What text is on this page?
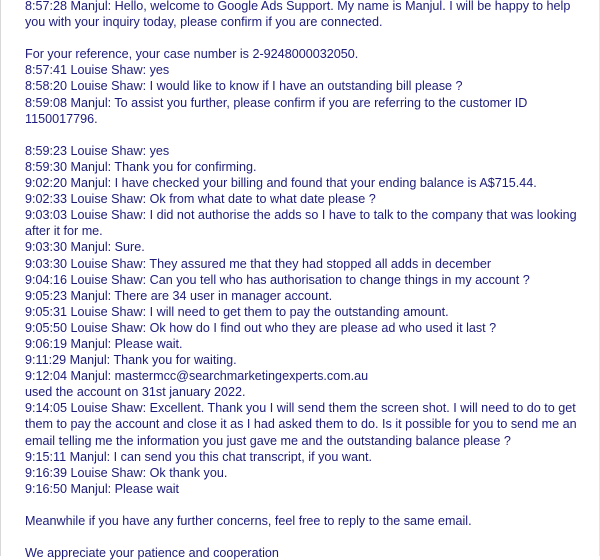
8:57:28 Manjul: Hello, welcome to Google Ads Support. My name is Manjul. I will be happy to help you with your inquiry today, please confirm if you are connected.

For your reference, your case number is 2-9248000032050.

8:57:41 Louise Shaw: yes

8:58:20 Louise Shaw: I would like to know if I have an outstanding bill please ?

8:59:08 Manjul: To assist you further, please confirm if you are referring to the customer ID 1150017796.

8:59:23 Louise Shaw: yes

8:59:30 Manjul: Thank you for confirming.

9:02:20 Manjul: I have checked your billing and found that your ending balance is A$715.44.

9:02:33 Louise Shaw: Ok from what date to what date please ?

9:03:03 Louise Shaw: I did not authorise the adds so I have to talk to the company that was looking after it for me.

9:03:30 Manjul: Sure.

9:03:30 Louise Shaw: They assured me that they had stopped all adds in december

9:04:16 Louise Shaw: Can you tell who has authorisation to change things in my account ?

9:05:23 Manjul: There are 34 user in manager account.

9:05:31 Louise Shaw: I will need to get them to pay the outstanding amount.

9:05:50 Louise Shaw: Ok how do I find out who they are please ad who used it last ?

9:06:19 Manjul: Please wait.

9:11:29 Manjul: Thank you for waiting.

9:12:04 Manjul: mastermcc@searchmarketingexperts.com.au

used the account on 31st january 2022.

9:14:05 Louise Shaw: Excellent. Thank you I will send them the screen shot. I will need to do to get them to pay the account and close it as I had asked them to do. Is it possible for you to send me an email telling me the information you just gave me and the outstanding balance please ?

9:15:11 Manjul: I can send you this chat transcript, if you want.

9:16:39 Louise Shaw: Ok thank you.

9:16:50 Manjul: Please wait

Meanwhile if you have any further concerns, feel free to reply to the same email.

We appreciate your patience and cooperation
